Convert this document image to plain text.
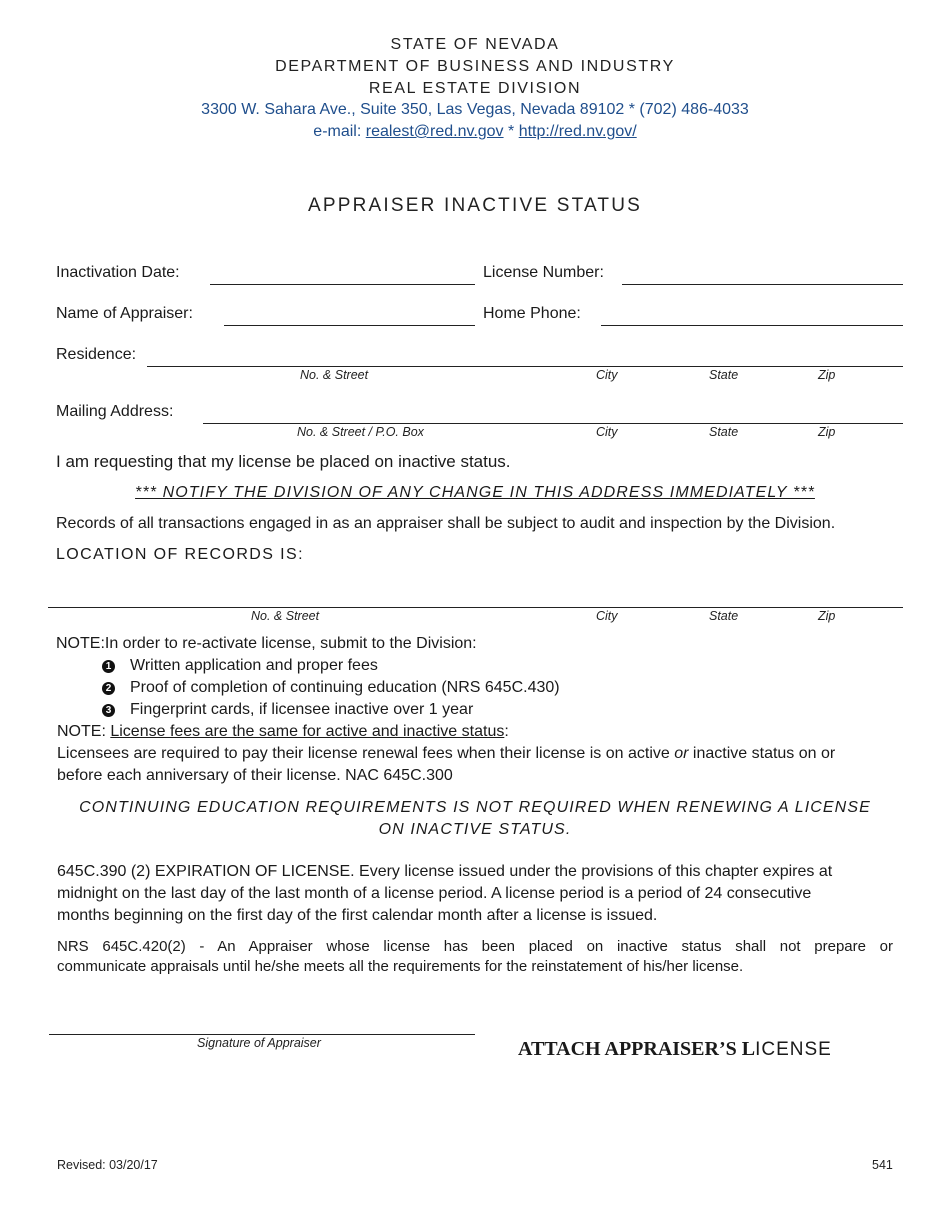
STATE OF NEVADA
DEPARTMENT OF BUSINESS AND INDUSTRY
REAL ESTATE DIVISION
3300 W. Sahara Ave., Suite 350, Las Vegas, Nevada 89102 * (702) 486-4033
e-mail: realest@red.nv.gov * http://red.nv.gov/
APPRAISER INACTIVE STATUS
Inactivation Date:	License Number:
Name of Appraiser:	Home Phone:
Residence:
No. & Street	City	State	Zip
Mailing Address:
No. & Street / P.O. Box	City	State	Zip
I am requesting that my license be placed on inactive status.
*** NOTIFY THE DIVISION OF ANY CHANGE IN THIS ADDRESS IMMEDIATELY ***
Records of all transactions engaged in as an appraiser shall be subject to audit and inspection by the Division.
LOCATION OF RECORDS IS:
No. & Street	City	State	Zip
NOTE:In order to re-activate license, submit to the Division:
1 Written application and proper fees
2 Proof of completion of continuing education (NRS 645C.430)
3 Fingerprint cards, if licensee inactive over 1 year
NOTE: License fees are the same for active and inactive status:
Licensees are required to pay their license renewal fees when their license is on active or inactive status on or
before each anniversary of their license. NAC 645C.300
CONTINUING EDUCATION REQUIREMENTS IS NOT REQUIRED WHEN RENEWING A LICENSE
ON INACTIVE STATUS.
645C.390 (2) EXPIRATION OF LICENSE. Every license issued under the provisions of this chapter expires at
midnight on the last day of the last month of a license period. A license period is a period of 24 consecutive
months beginning on the first day of the first calendar month after a license is issued.
NRS 645C.420(2) - An Appraiser whose license has been placed on inactive status shall not prepare or
communicate appraisals until he/she meets all the requirements for the reinstatement of his/her license.
Signature of Appraiser	ATTACH APPRAISER’S LICENSE
Revised: 03/20/17	541
